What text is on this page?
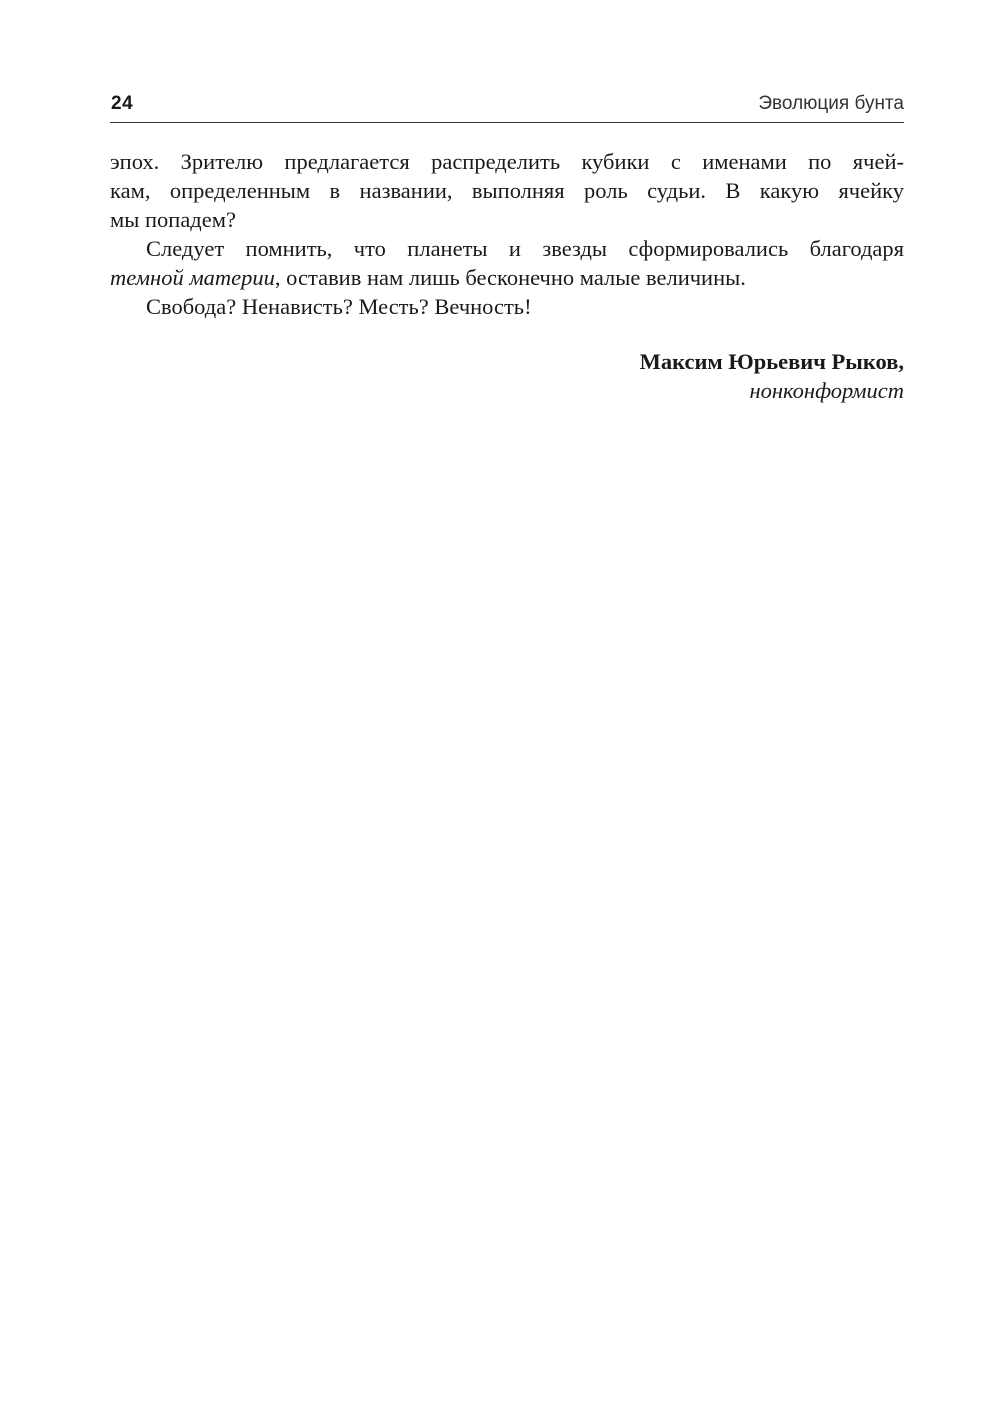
24	Эволюция бунта

эпох. Зрителю предлагается распределить кубики с именами по ячей-
кам, определенным в названии, выполняя роль судьи. В какую ячейку
мы попадем?

Следует помнить, что планеты и звезды сформировались благодаря
темной материи, оставив нам лишь бесконечно малые величины.

Свобода? Ненависть? Месть? Вечность!

Максим Юрьевич Рыков,
нонконформист
